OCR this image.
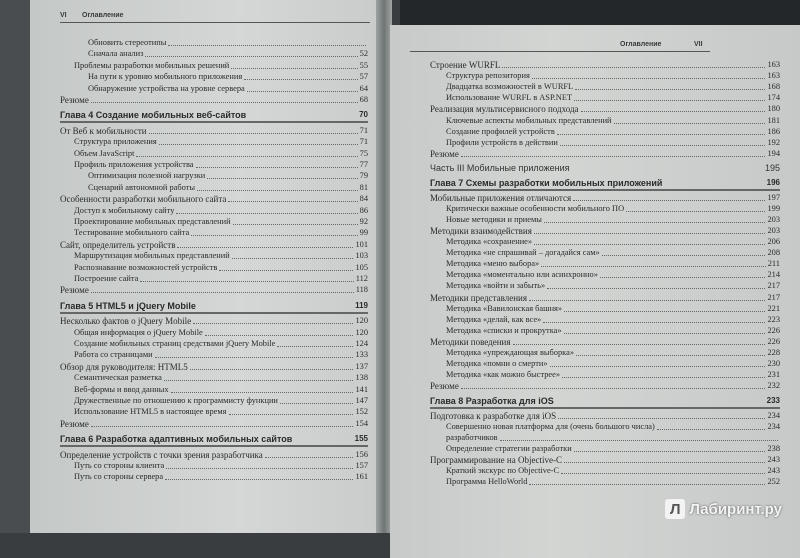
VI Оглавление
Обновить стереотипы
Сначала анализ	52
Проблемы разработки мобильных решений	55
На пути к уровню мобильного приложения	57
Обнаружение устройства на уровне сервера	64
Резюме	68
Глава 4 Создание мобильных веб-сайтов	70
От Веб к мобильности	71
Структура приложения	71
Объем JavaScript	75
Профиль приложения устройства	77
Оптимизация полезной нагрузки	79
Сценарий автономной работы	81
Особенности разработки мобильного сайта	84
Доступ к мобильному сайту	86
Проектирование мобильных представлений	92
Тестирование мобильного сайта	99
Сайт, определитель устройств	101
Маршрутизация мобильных представлений	103
Распознавание возможностей устройств	105
Построение сайта	112
Резюме	118
Глава 5 HTML5 и jQuery Mobile	119
Несколько фактов о jQuery Mobile	120
Общая информация о jQuery Mobile	120
Создание мобильных страниц средствами jQuery Mobile	124
Работа со страницами	133
Обзор для руководителя: HTML5	137
Семантическая разметка	138
Веб-формы и ввод данных	141
Дружественные по отношению к программисту функции	147
Использование HTML5 в настоящее время	152
Резюме	154
Глава 6 Разработка адаптивных мобильных сайтов	155
Определение устройств с точки зрения разработчика	156
Путь со стороны клиента	157
Путь со стороны сервера	161
Оглавление	VII
Строение WURFL	163
Структура репозитория	163
Двадцатка возможностей в WURFL	168
Использование WURFL в ASP.NET	174
Реализация мультисервисного подхода	180
Ключевые аспекты мобильных представлений	181
Создание профилей устройств	186
Профили устройств в действии	192
Резюме	194
Часть III Мобильные приложения	195
Глава 7 Схемы разработки мобильных приложений	196
Мобильные приложения отличаются	197
Критически важные особенности мобильного ПО	199
Новые методики и приемы	203
Методики взаимодействия	203
Методика «сохранение»	206
Методика «не спрашивай – догадайся сам»	208
Методика «меню выбора»	211
Методика «моментально или асинхронно»	214
Методика «войти и забыть»	217
Методики представления	217
Методика «Вавилонская башня»	221
Методика «делай, как все»	223
Методика «списки и прокрутка»	226
Методики поведения	226
Методика «упреждающая выборка»	228
Методика «помни о смерти»	230
Методика «как можно быстрее»	231
Резюме	232
Глава 8 Разработка для iOS	233
Подготовка к разработке для iOS	234
Совершенно новая платформа для (очень большого числа)	234
разработчиков
Определение стратегии разработки	238
Программирование на Objective-C	243
Краткий экскурс по Objective-C	243
Программа HelloWorld	252
Л Лабиринт.ру
